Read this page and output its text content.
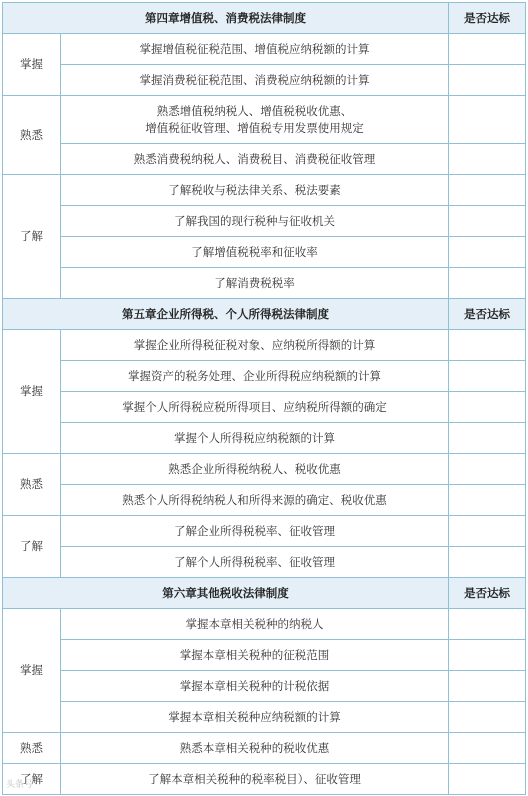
第四章增值税、消费税法律制度		是否达标
掌握	掌握增值税征税范围、增值税应纳税额的计算	
	掌握消费税征税范围、消费税应纳税额的计算	
熟悉	熟悉增值税纳税人、增值税税收优惠、
增值税征收管理、增值税专用发票使用规定	
	熟悉消费税纳税人、消费税目、消费税征收管理	
了解	了解税收与税法律关系、税法要素	
	了解我国的现行税种与征收机关	
	了解增值税税率和征收率	
	了解消费税税率	
第五章企业所得税、个人所得税法律制度		是否达标
掌握	掌握企业所得税征税对象、应纳税所得额的计算	
	掌握资产的税务处理、企业所得税应纳税额的计算	
	掌握个人所得税应税所得项目、应纳税所得额的确定	
	掌握个人所得税应纳税额的计算	
熟悉	熟悉企业所得税纳税人、税收优惠	
	熟悉个人所得税纳税人和所得来源的确定、税收优惠	
了解	了解企业所得税税率、征收管理	
	了解个人所得税税率、征收管理	
第六章其他税收法律制度		是否达标
掌握	掌握本章相关税种的纳税人	
	掌握本章相关税种的征税范围	
	掌握本章相关税种的计税依据	
	掌握本章相关税种应纳税额的计算	
熟悉	熟悉本章相关税种的税收优惠	
了解	了解本章相关税种的税率税目）、征收管理	
头条号
